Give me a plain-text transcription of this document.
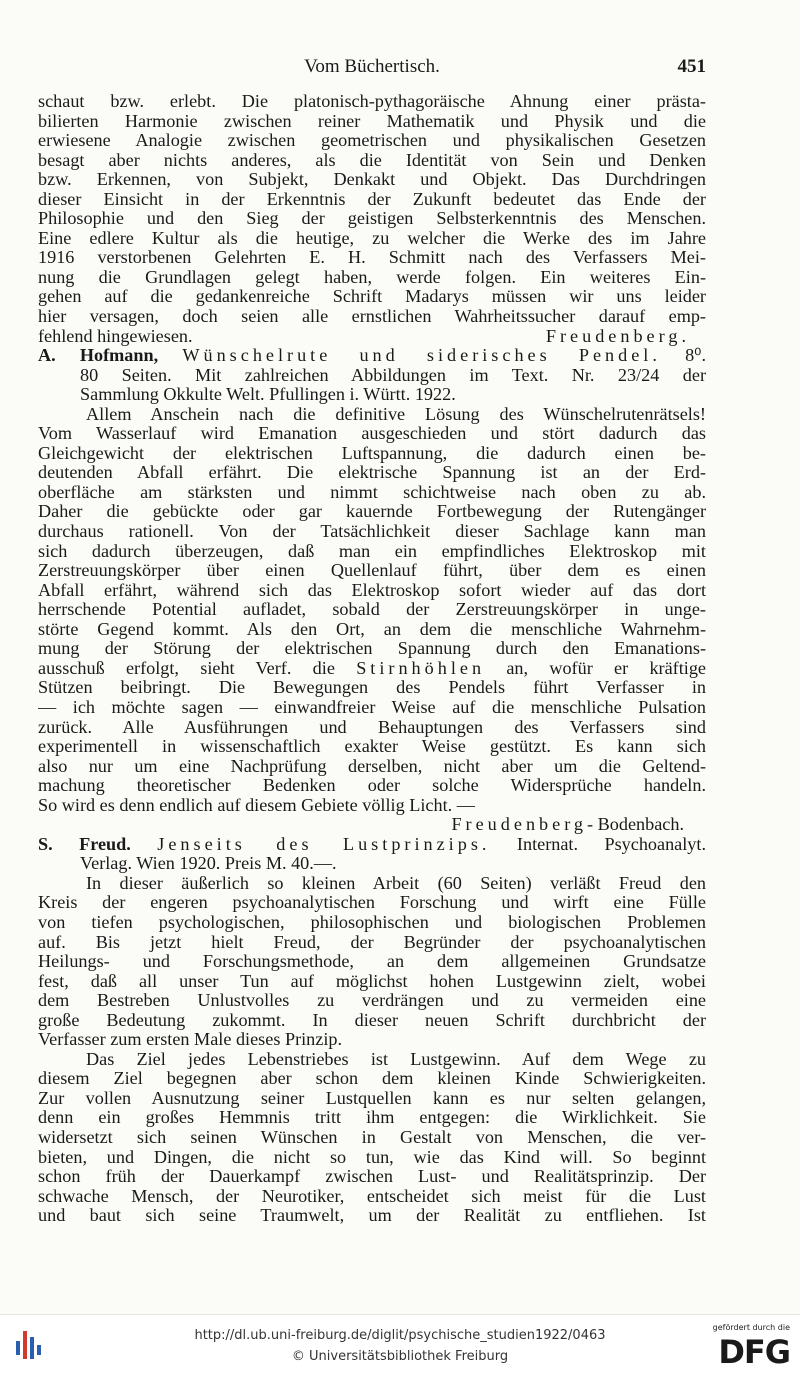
Vom Büchertisch.	451
schaut bzw. erlebt. Die platonisch-pythagoräische Ahnung einer prästa-
bilierten Harmonie zwischen reiner Mathematik und Physik und die
erwiesene Analogie zwischen geometrischen und physikalischen Gesetzen
besagt aber nichts anderes, als die Identität von Sein und Denken
bzw. Erkennen, von Subjekt, Denkakt und Objekt. Das Durchdringen
dieser Einsicht in der Erkenntnis der Zukunft bedeutet das Ende der
Philosophie und den Sieg der geistigen Selbsterkenntnis des Menschen.
Eine edlere Kultur als die heutige, zu welcher die Werke des im Jahre
1916 verstorbenen Gelehrten E. H. Schmitt nach des Verfassers Mei-
nung die Grundlagen gelegt haben, werde folgen. Ein weiteres Ein-
gehen auf die gedankenreiche Schrift Madarys müssen wir uns leider
hier versagen, doch seien alle ernstlichen Wahrheitssucher darauf emp-
fehlend hingewiesen.	Freudenberg.
A. Hofmann, Wünschelrute und siderisches Pendel. 8⁰.
80 Seiten. Mit zahlreichen Abbildungen im Text. Nr. 23/24 der
Sammlung Okkulte Welt. Pfullingen i. Württ. 1922.
Allem Anschein nach die definitive Lösung des Wünschelrutenrätsels!
Vom Wasserlauf wird Emanation ausgeschieden und stört dadurch das
Gleichgewicht der elektrischen Luftspannung, die dadurch einen be-
deutenden Abfall erfährt. Die elektrische Spannung ist an der Erd-
oberfläche am stärksten und nimmt schichtweise nach oben zu ab.
Daher die gebückte oder gar kauernde Fortbewegung der Rutengänger
durchaus rationell. Von der Tatsächlichkeit dieser Sachlage kann man
sich dadurch überzeugen, daß man ein empfindliches Elektroskop mit
Zerstreuungskörper über einen Quellenlauf führt, über dem es einen
Abfall erfährt, während sich das Elektroskop sofort wieder auf das dort
herrschende Potential aufladet, sobald der Zerstreuungskörper in unge-
störte Gegend kommt. Als den Ort, an dem die menschliche Wahrnehm-
mung der Störung der elektrischen Spannung durch den Emanations-
ausschuß erfolgt, sieht Verf. die Stirnhöhlen an, wofür er kräftige
Stützen beibringt. Die Bewegungen des Pendels führt Verfasser in
— ich möchte sagen — einwandfreier Weise auf die menschliche Pulsation
zurück. Alle Ausführungen und Behauptungen des Verfassers sind
experimentell in wissenschaftlich exakter Weise gestützt. Es kann sich
also nur um eine Nachprüfung derselben, nicht aber um die Geltend-
machung theoretischer Bedenken oder solche Widersprüche handeln.
So wird es denn endlich auf diesem Gebiete völlig Licht. —
Freudenberg- Bodenbach.
S. Freud. Jenseits des Lustprinzips. Internat. Psychoanalyt.
Verlag. Wien 1920. Preis M. 40.—.
In dieser äußerlich so kleinen Arbeit (60 Seiten) verläßt Freud den
Kreis der engeren psychoanalytischen Forschung und wirft eine Fülle
von tiefen psychologischen, philosophischen und biologischen Problemen
auf. Bis jetzt hielt Freud, der Begründer der psychoanalytischen
Heilungs- und Forschungsmethode, an dem allgemeinen Grundsatze
fest, daß all unser Tun auf möglichst hohen Lustgewinn zielt, wobei
dem Bestreben Unlustvolles zu verdrängen und zu vermeiden eine
große Bedeutung zukommt. In dieser neuen Schrift durchbricht der
Verfasser zum ersten Male dieses Prinzip.
Das Ziel jedes Lebenstriebes ist Lustgewinn. Auf dem Wege zu
diesem Ziel begegnen aber schon dem kleinen Kinde Schwierigkeiten.
Zur vollen Ausnutzung seiner Lustquellen kann es nur selten gelangen,
denn ein großes Hemmnis tritt ihm entgegen: die Wirklichkeit. Sie
widersetzt sich seinen Wünschen in Gestalt von Menschen, die ver-
bieten, und Dingen, die nicht so tun, wie das Kind will. So beginnt
schon früh der Dauerkampf zwischen Lust- und Realitätsprinzip. Der
schwache Mensch, der Neurotiker, entscheidet sich meist für die Lust
und baut sich seine Traumwelt, um der Realität zu entfliehen. Ist
http://dl.ub.uni-freiburg.de/diglit/psychische_studien1922/0463
© Universitätsbibliothek Freiburg
gefördert durch die
DFG
